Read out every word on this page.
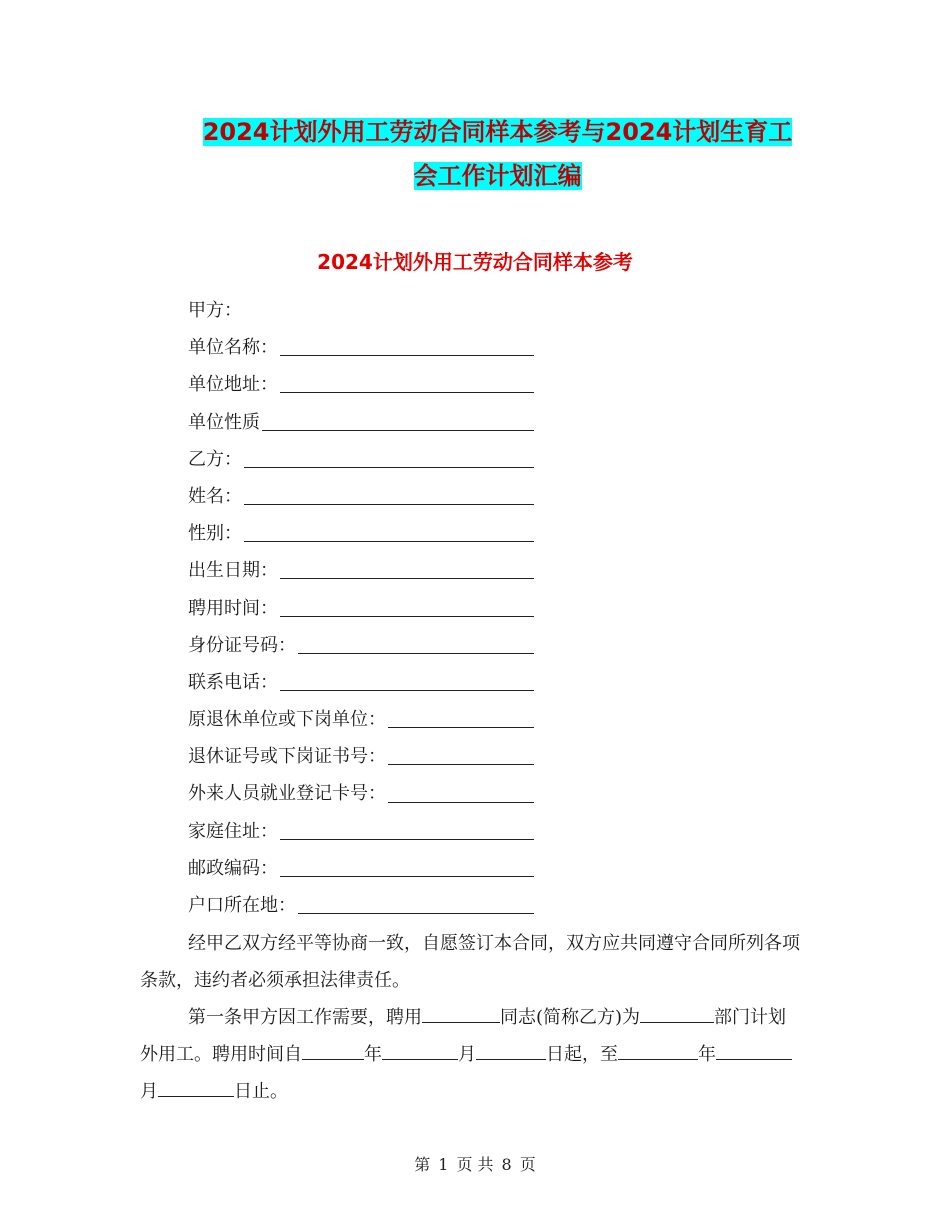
2024计划外用工劳动合同样本参考与2024计划生育工
会工作计划汇编
2024计划外用工劳动合同样本参考
甲方：
单位名称：
单位地址：
单位性质
乙方：
姓名：
性别：
出生日期：
聘用时间：
身份证号码：
联系电话：
原退休单位或下岗单位：
退休证号或下岗证书号：
外来人员就业登记卡号：
家庭住址：
邮政编码：
户口所在地：

经甲乙双方经平等协商一致，自愿签订本合同，双方应共同遵守合同所列各项条款，违约者必须承担法律责任。

第一条甲方因工作需要，聘用	同志(简称乙方)为	部门计划外用工。聘用时间自	年	月	日起，至	年月	日止。

第 1 页 共 8 页
